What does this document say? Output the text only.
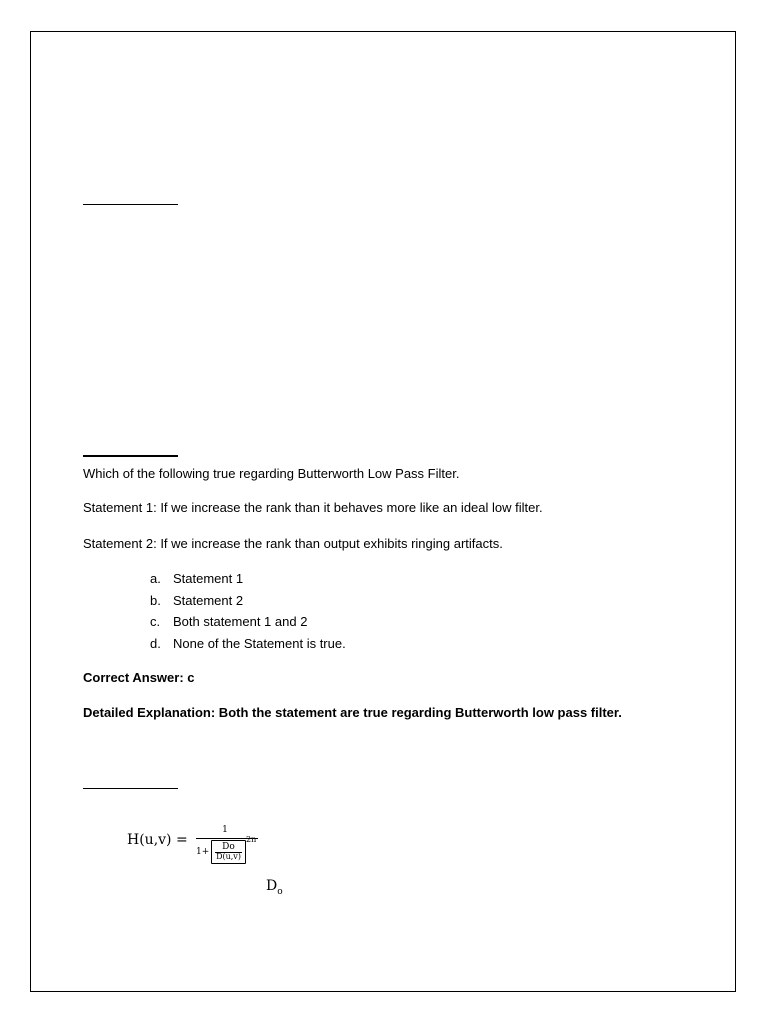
Which of the following true regarding Butterworth Low Pass Filter.
Statement 1: If we increase the rank than it behaves more like an ideal low filter.
Statement 2: If we increase the rank than output exhibits ringing artifacts.
a. Statement 1
b. Statement 2
c. Both statement 1 and 2
d. None of the Statement is true.
Correct Answer: c
Detailed Explanation: Both the statement are true regarding Butterworth low pass filter.
H(u,v) =
1
1+	Do
D(u,v)
2n
$D_o$
